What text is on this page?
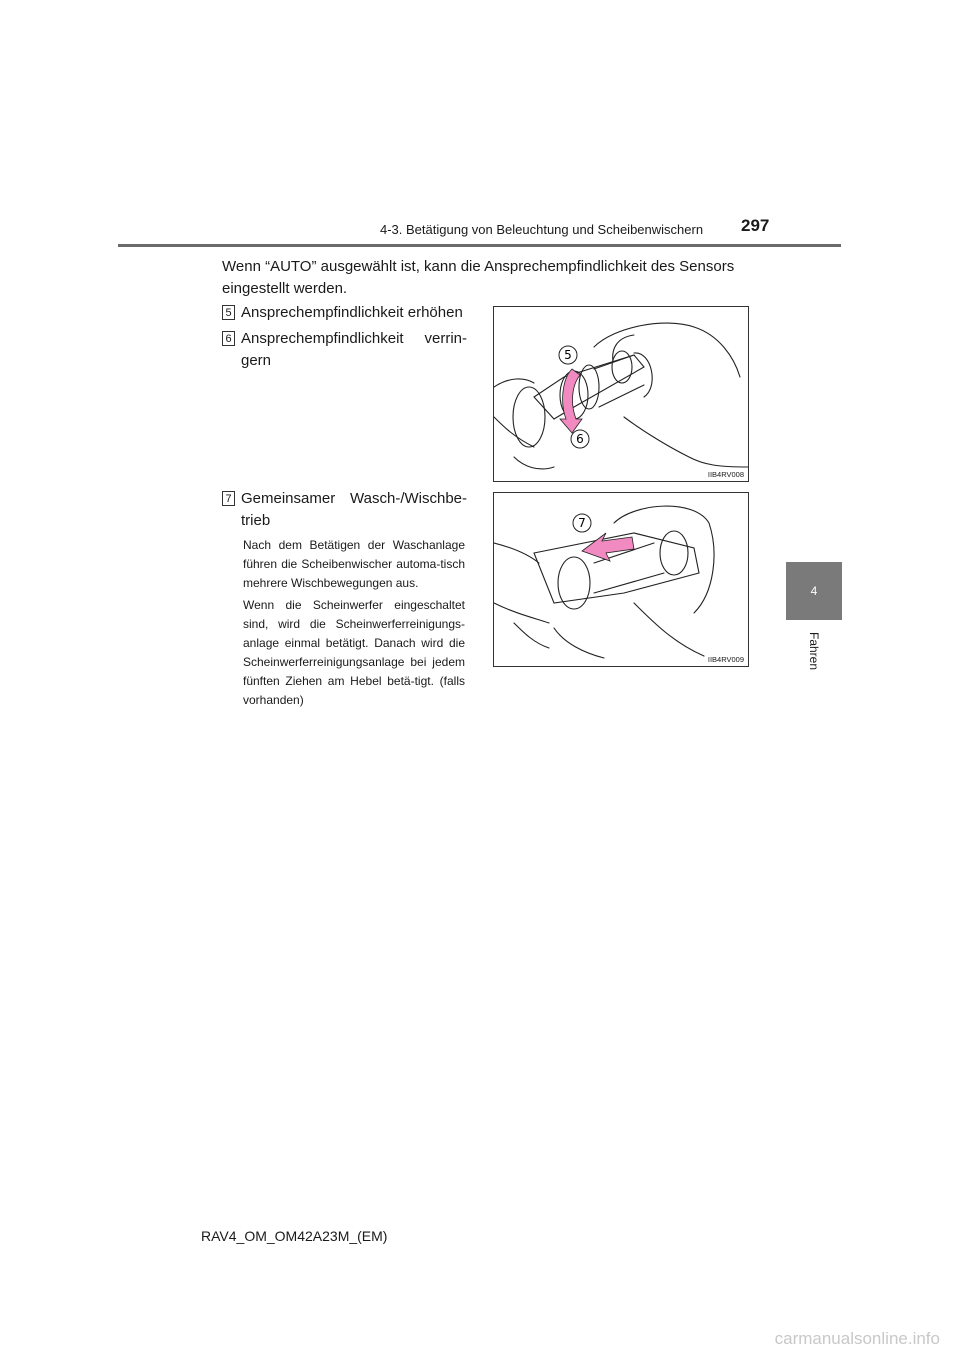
4-3. Betätigung von Beleuchtung und Scheibenwischern 297
4
Fahren
Wenn “AUTO” ausgewählt ist, kann die Ansprechempfindlichkeit des Sensors eingestellt werden.
5 Ansprechempfindlichkeit erhöhen
6 Ansprechempfindlichkeit verrin-gern
7 Gemeinsamer Wasch-/Wischbe-trieb
Nach dem Betätigen der Waschanlage führen die Scheibenwischer automa-tisch mehrere Wischbewegungen aus.
Wenn die Scheinwerfer eingeschaltet sind, wird die Scheinwerferreinigungs-anlage einmal betätigt. Danach wird die Scheinwerferreinigungsanlage bei jedem fünften Ziehen am Hebel betä-tigt. (falls vorhanden)
5
6
IIB4RV008
7
IIB4RV009
RAV4_OM_OM42A23M_(EM)
carmanualsonline.info
